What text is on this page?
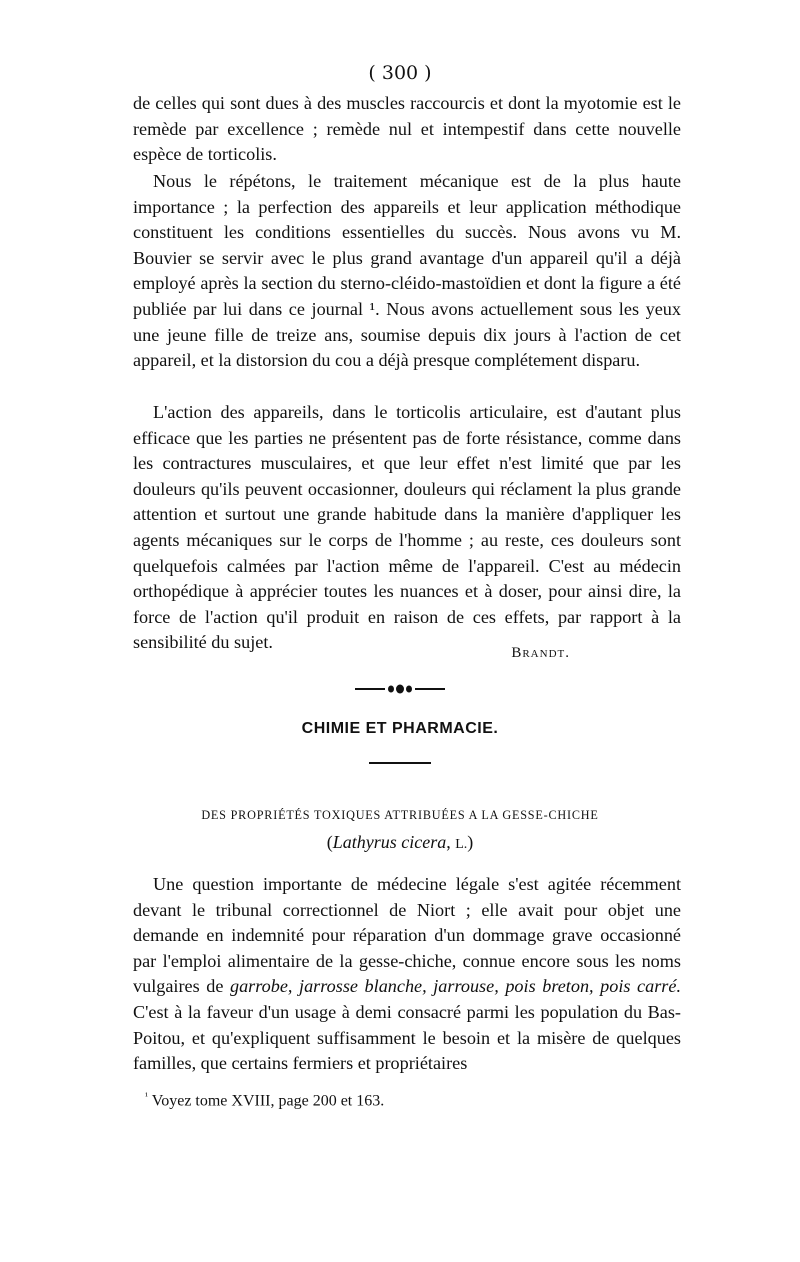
( 300 )

de celles qui sont dues à des muscles raccourcis et dont la myotomie est le remède par excellence ; remède nul et intempestif dans cette nouvelle espèce de torticolis.

Nous le répétons, le traitement mécanique est de la plus haute importance ; la perfection des appareils et leur application méthodique constituent les conditions essentielles du succès. Nous avons vu M. Bouvier se servir avec le plus grand avantage d'un appareil qu'il a déjà employé après la section du sterno-cléido-mastoïdien et dont la figure a été publiée par lui dans ce journal ¹. Nous avons actuellement sous les yeux une jeune fille de treize ans, soumise depuis dix jours à l'action de cet appareil, et la distorsion du cou a déjà presque complétement disparu.

L'action des appareils, dans le torticolis articulaire, est d'autant plus efficace que les parties ne présentent pas de forte résistance, comme dans les contractures musculaires, et que leur effet n'est limité que par les douleurs qu'ils peuvent occasionner, douleurs qui réclament la plus grande attention et surtout une grande habitude dans la manière d'appliquer les agents mécaniques sur le corps de l'homme ; au reste, ces douleurs sont quelquefois calmées par l'action même de l'appareil. C'est au médecin orthopédique à apprécier toutes les nuances et à doser, pour ainsi dire, la force de l'action qu'il produit en raison de ces effets, par rapport à la sensibilité du sujet.

Brandt.
CHIMIE ET PHARMACIE.
DES PROPRIÉTÉS TOXIQUES ATTRIBUÉES A LA GESSE-CHICHE
(Lathyrus cicera, L.)

Une question importante de médecine légale s'est agitée récemment devant le tribunal correctionnel de Niort ; elle avait pour objet une demande en indemnité pour réparation d'un dommage grave occasionné par l'emploi alimentaire de la gesse-chiche, connue encore sous les noms vulgaires de garrobe, jarrosse blanche, jarrouse, pois breton, pois carré. C'est à la faveur d'un usage à demi consacré parmi les population du Bas-Poitou, et qu'expliquent suffisamment le besoin et la misère de quelques familles, que certains fermiers et propriétaires

$^{^1}$ Voyez tome XVIII, page 200 et 163.
